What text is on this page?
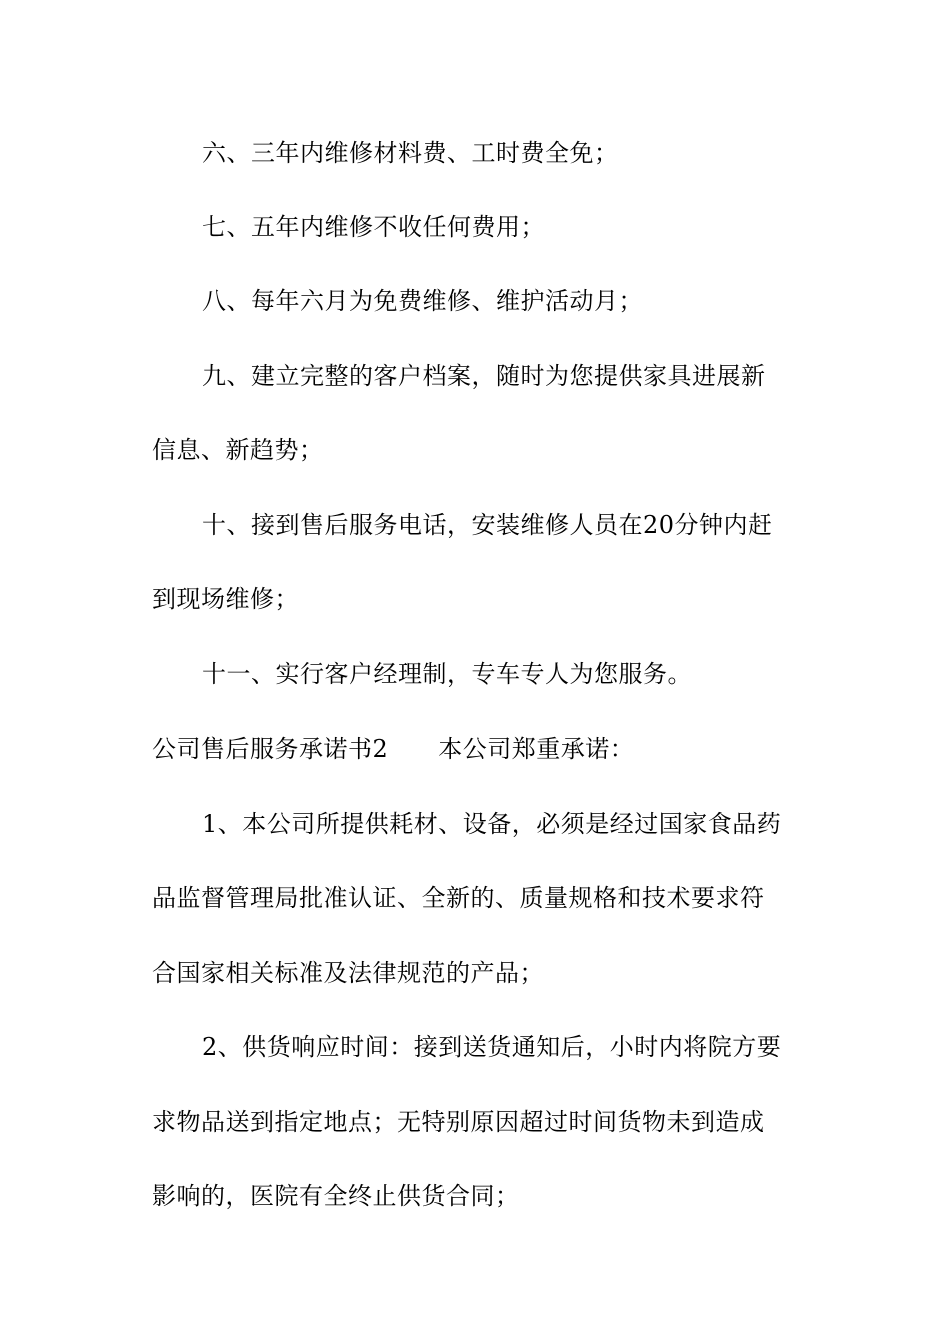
六、三年内维修材料费、工时费全免；
七、五年内维修不收任何费用；
八、每年六月为免费维修、维护活动月；
九、建立完整的客户档案，随时为您提供家具进展新
信息、新趋势；
十、接到售后服务电话，安装维修人员在20分钟内赶
到现场维修；
十一、实行客户经理制，专车专人为您服务。
公司售后服务承诺书2 本公司郑重承诺：
1、本公司所提供耗材、设备，必须是经过国家食品药
品监督管理局批准认证、全新的、质量规格和技术要求符
合国家相关标准及法律规范的产品；
2、供货响应时间：接到送货通知后，小时内将院方要
求物品送到指定地点；无特别原因超过时间货物未到造成
影响的，医院有全终止供货合同；
